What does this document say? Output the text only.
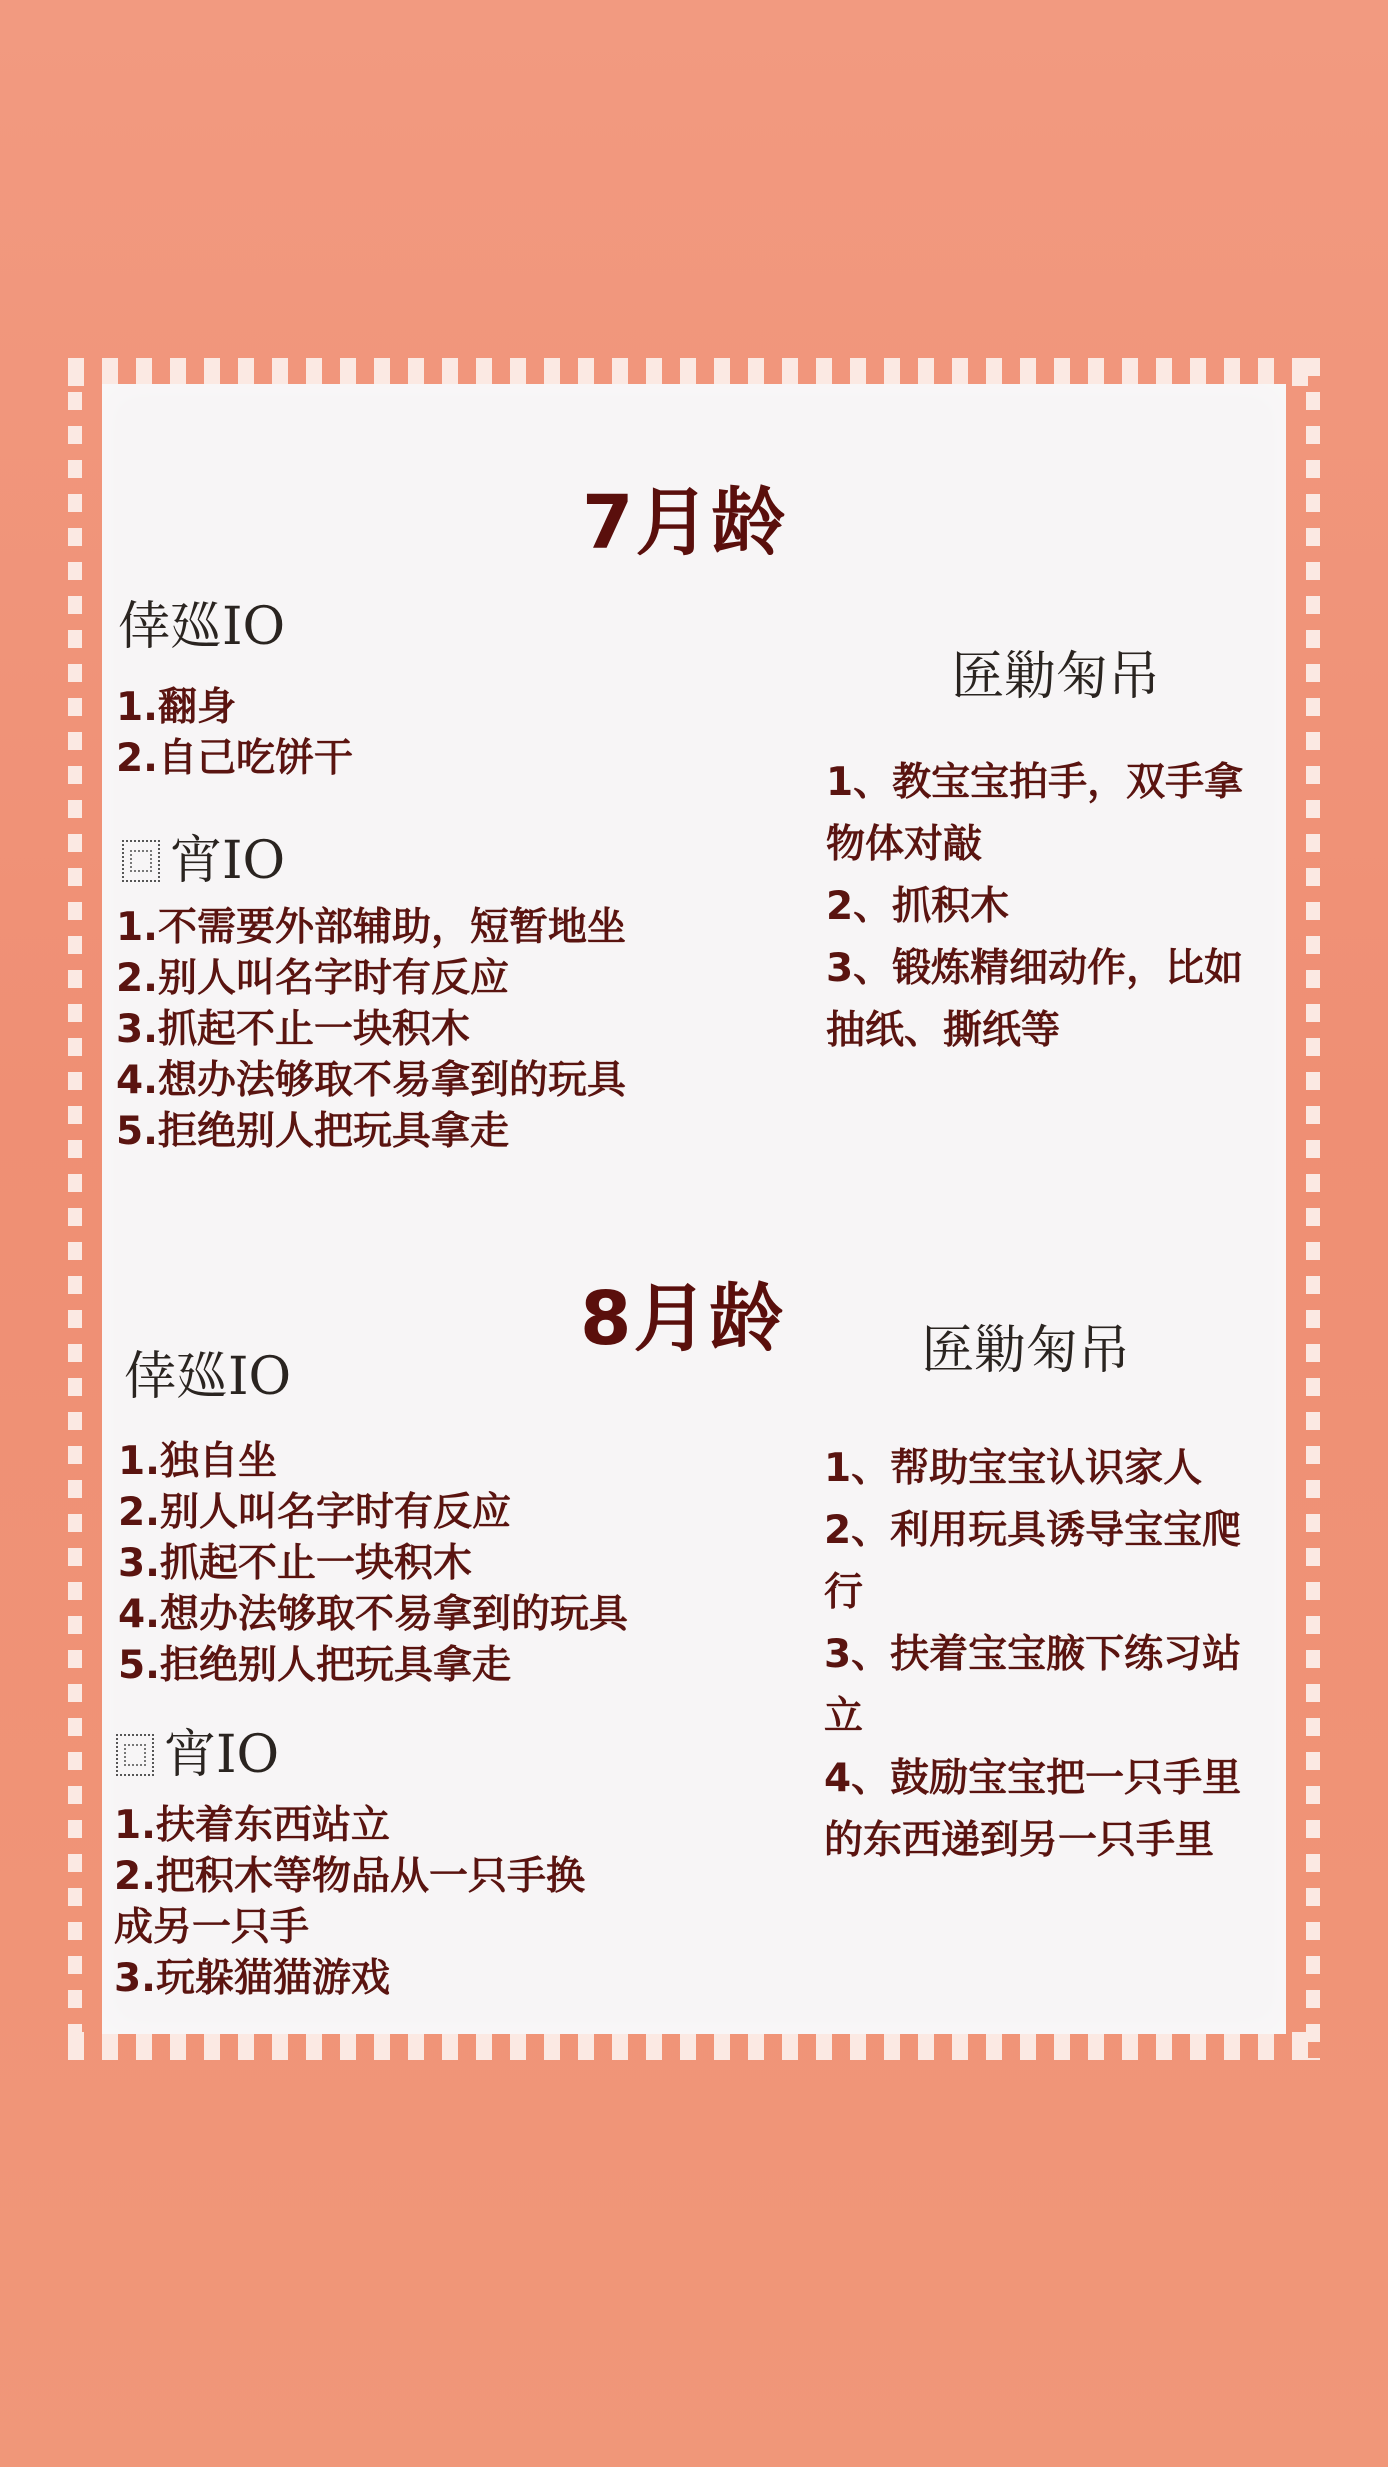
7月龄
倖廵IO
1.翻身
2.自己吃饼干
宵IO
1.不需要外部辅助，短暂地坐
2.别人叫名字时有反应
3.抓起不止一块积木
4.想办法够取不易拿到的玩具
5.拒绝别人把玩具拿走
匥勦匊吊
1、教宝宝拍手，双手拿
物体对敲
2、抓积木
3、锻炼精细动作，比如
抽纸、撕纸等
8月龄
倖廵IO
1.独自坐
2.别人叫名字时有反应
3.抓起不止一块积木
4.想办法够取不易拿到的玩具
5.拒绝别人把玩具拿走
宵IO
1.扶着东西站立
2.把积木等物品从一只手换
成另一只手
3.玩躲猫猫游戏
匥勦匊吊
1、帮助宝宝认识家人
2、利用玩具诱导宝宝爬
行
3、扶着宝宝腋下练习站
立
4、鼓励宝宝把一只手里
的东西递到另一只手里
